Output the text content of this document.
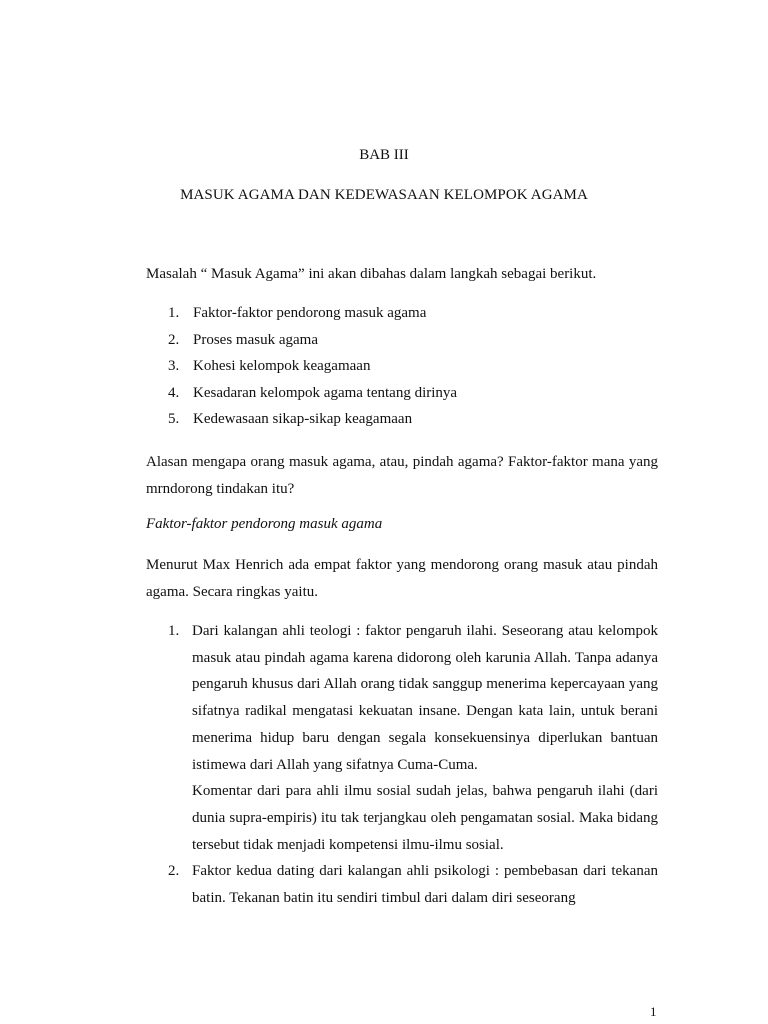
BAB III
MASUK AGAMA DAN KEDEWASAAN KELOMPOK AGAMA
Masalah “ Masuk Agama” ini akan dibahas dalam langkah sebagai berikut.
1. Faktor-faktor pendorong masuk agama
2. Proses masuk agama
3. Kohesi kelompok keagamaan
4. Kesadaran kelompok agama tentang dirinya
5. Kedewasaan sikap-sikap keagamaan

Alasan mengapa orang masuk agama, atau, pindah agama? Faktor-faktor mana yang mrndorong tindakan itu?

Faktor-faktor pendorong masuk agama

Menurut Max Henrich ada empat faktor yang mendorong orang masuk atau pindah agama. Secara ringkas yaitu.

1. Dari kalangan ahli teologi : faktor pengaruh ilahi. Seseorang atau kelompok masuk atau pindah agama karena didorong oleh karunia Allah. Tanpa adanya pengaruh khusus dari Allah orang tidak sanggup menerima kepercayaan yang sifatnya radikal mengatasi kekuatan insane. Dengan kata lain, untuk berani menerima hidup baru dengan segala konsekuensinya diperlukan bantuan istimewa dari Allah yang sifatnya Cuma-Cuma.
Komentar dari para ahli ilmu sosial sudah jelas, bahwa pengaruh ilahi (dari dunia supra-empiris) itu tak terjangkau oleh pengamatan sosial. Maka bidang tersebut tidak menjadi kompetensi ilmu-ilmu sosial.
2. Faktor kedua dating dari kalangan ahli psikologi : pembebasan dari tekanan batin. Tekanan batin itu sendiri timbul dari dalam diri seseorang
1
